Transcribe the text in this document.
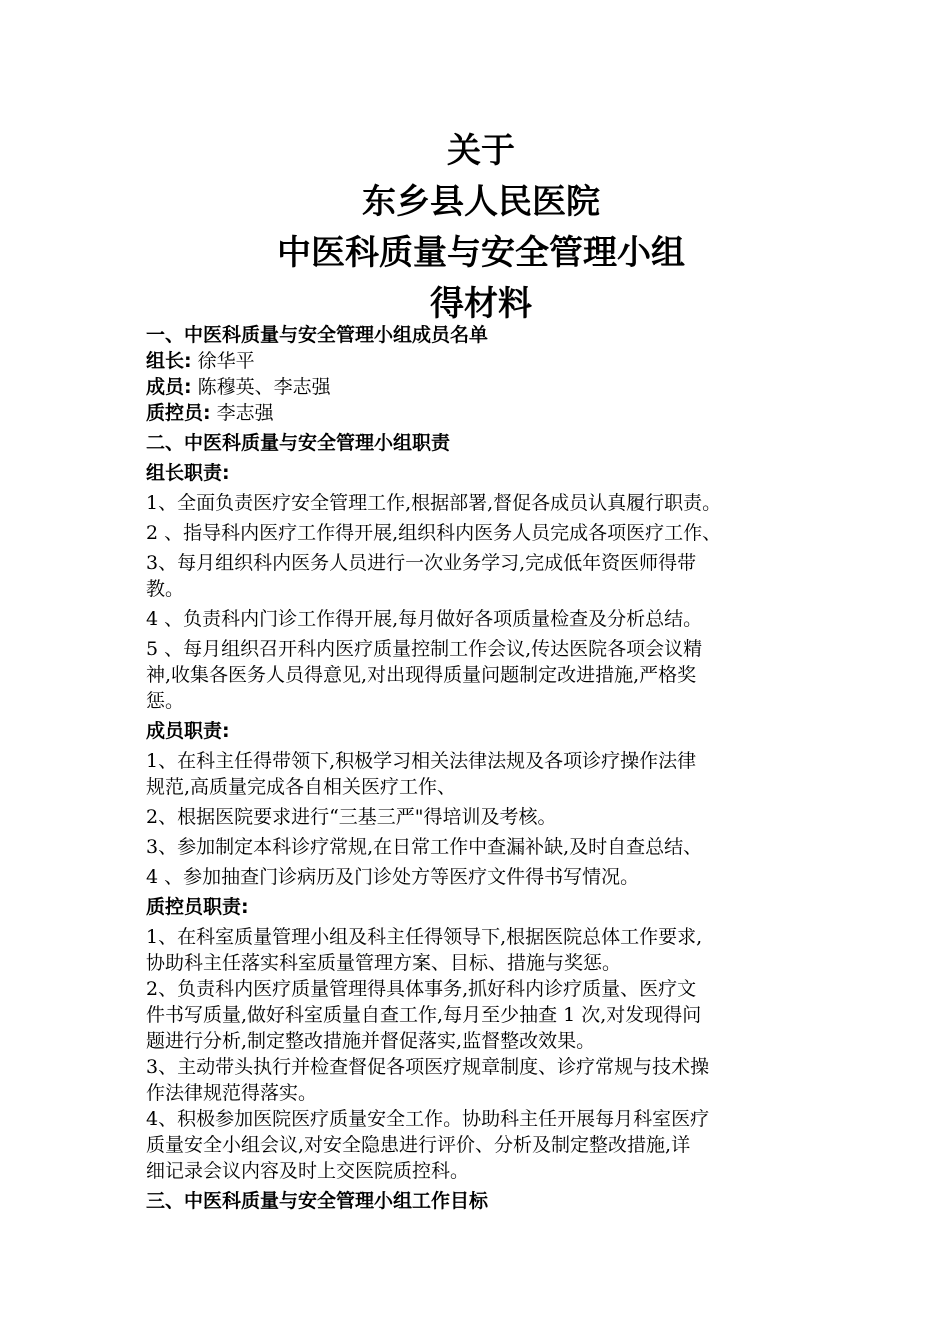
关于
东乡县人民医院
中医科质量与安全管理小组
得材料
一、中医科质量与安全管理小组成员名单
组长: 徐华平
成员: 陈穆英、李志强
质控员: 李志强
二、中医科质量与安全管理小组职责
组长职责:
1、全面负责医疗安全管理工作,根据部署,督促各成员认真履行职责。
2 、指导科内医疗工作得开展,组织科内医务人员完成各项医疗工作、
3、每月组织科内医务人员进行一次业务学习,完成低年资医师得带
教。
4 、负责科内门诊工作得开展,每月做好各项质量检查及分析总结。
5 、每月组织召开科内医疗质量控制工作会议,传达医院各项会议精
神,收集各医务人员得意见,对出现得质量问题制定改进措施,严格奖
惩。
成员职责:
1、在科主任得带领下,积极学习相关法律法规及各项诊疗操作法律
规范,高质量完成各自相关医疗工作、
2、根据医院要求进行“三基三严"得培训及考核。
3、参加制定本科诊疗常规,在日常工作中查漏补缺,及时自查总结、
4 、参加抽查门诊病历及门诊处方等医疗文件得书写情况。
质控员职责:
1、在科室质量管理小组及科主任得领导下,根据医院总体工作要求,
协助科主任落实科室质量管理方案、目标、措施与奖惩。
2、负责科内医疗质量管理得具体事务,抓好科内诊疗质量、医疗文
件书写质量,做好科室质量自查工作,每月至少抽查 1 次,对发现得问
题进行分析,制定整改措施并督促落实,监督整改效果。
3、主动带头执行并检查督促各项医疗规章制度、诊疗常规与技术操
作法律规范得落实。
4、积极参加医院医疗质量安全工作。协助科主任开展每月科室医疗
质量安全小组会议,对安全隐患进行评价、分析及制定整改措施,详
细记录会议内容及时上交医院质控科。
三、中医科质量与安全管理小组工作目标
